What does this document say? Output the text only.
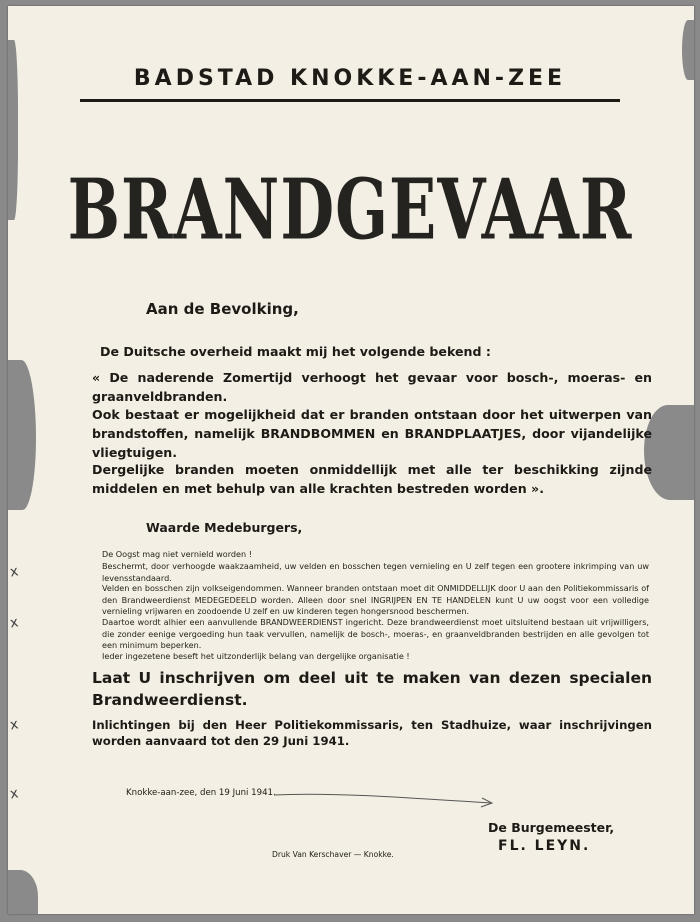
BADSTAD KNOKKE-AAN-ZEE
BRANDGEVAAR
Aan de Bevolking,
De Duitsche overheid maakt mij het volgende bekend :
« De naderende Zomertijd verhoogt het gevaar voor bosch-, moeras- en graanveldbranden.
Ook bestaat er mogelijkheid dat er branden ontstaan door het uitwerpen van brandstoffen, namelijk BRANDBOMMEN en BRANDPLAATJES, door vijandelijke vliegtuigen.
Dergelijke branden moeten onmiddellijk met alle ter beschikking zijnde middelen en met behulp van alle krachten bestreden worden ».
Waarde Medeburgers,
De Oogst mag niet vernield worden !
Beschermt, door verhoogde waakzaamheid, uw velden en bosschen tegen vernieling en U zelf tegen een grootere inkrimping van uw levensstandaard.
Velden en bosschen zijn volkseigendommen. Wanneer branden ontstaan moet dit ONMIDDELLIJK door U aan den Politiekommissaris of den Brandweerdienst MEDEGEDEELD worden. Alleen door snel INGRIJPEN EN TE HANDELEN kunt U uw oogst voor een volledige vernieling vrijwaren en zoodoende U zelf en uw kinderen tegen hongersnood beschermen.
Daartoe wordt alhier een aanvullende BRANDWEERDIENST ingericht. Deze brandweerdienst moet uitsluitend bestaan uit vrijwilligers, die zonder eenige vergoeding hun taak vervullen, namelijk de bosch-, moeras-, en graanveldbranden bestrijden en alle gevolgen tot een minimum beperken.
Ieder ingezetene beseft het uitzonderlijk belang van dergelijke organisatie !
Laat U inschrijven om deel uit te maken van dezen specialen Brandweerdienst.
Inlichtingen bij den Heer Politiekommissaris, ten Stadhuize, waar inschrijvingen worden aanvaard tot den 29 Juni 1941.
Knokke-aan-zee, den 19 Juni 1941.
De Burgemeester,
FL. LEYN.
Druk Van Kerschaver — Knokke.
x
x
x
x
